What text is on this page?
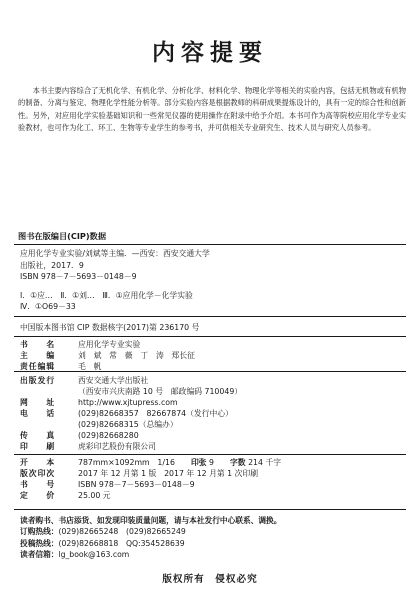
内容提要
本书主要内容综合了无机化学、有机化学、分析化学、材料化学、物理化学等相关的实验内容，包括无机物或有机物的制备、分离与鉴定、物理化学性能分析等。部分实验内容是根据教师的科研成果提炼设计的，具有一定的综合性和创新性。另外，对应用化学实验基础知识和一些常见仪器的使用操作在附录中给予介绍。本书可作为高等院校应用化学专业实验教材，也可作为化工、环工、生物等专业学生的参考书，并可供相关专业研究生、技术人员与研究人员参考。
图书在版编目(CIP)数据
应用化学专业实验/刘斌等主编．—西安：西安交通大学
出版社，2017．9
ISBN 978－7－5693－0148－9
Ⅰ．①应…　Ⅱ．①刘…　Ⅲ．①应用化学－化学实验
Ⅳ．①O69－33
中国版本图书馆 CIP 数据核字(2017)第 236170 号
书　　名	应用化学专业实验
主　　编	刘　斌　常　薇　丁　涛　郑长征
责任编辑	毛　帆
出版发行	西安交通大学出版社
（西安市兴庆南路 10 号　邮政编码 710049）
网　　址	http://www.xjtupress.com
电　　话	(029)82668357　82667874（发行中心）
(029)82668315（总编办）
传　　真	(029)82668280
印　　刷	虎彩印艺股份有限公司
开　　本	787mm×1092mm　1/16 印张 9 字数 214 千字
版次印次	2017 年 12 月第 1 版　2017 年 12 月第 1 次印刷
书　　号	ISBN 978－7－5693－0148－9
定　　价	25.00 元
读者购书、书店添货、如发现印装质量问题，请与本社发行中心联系、调换。
订购热线：(029)82665248　(029)82665249
投稿热线：(029)82668818　QQ:354528639
读者信箱：lg_book@163.com
版权所有　侵权必究
